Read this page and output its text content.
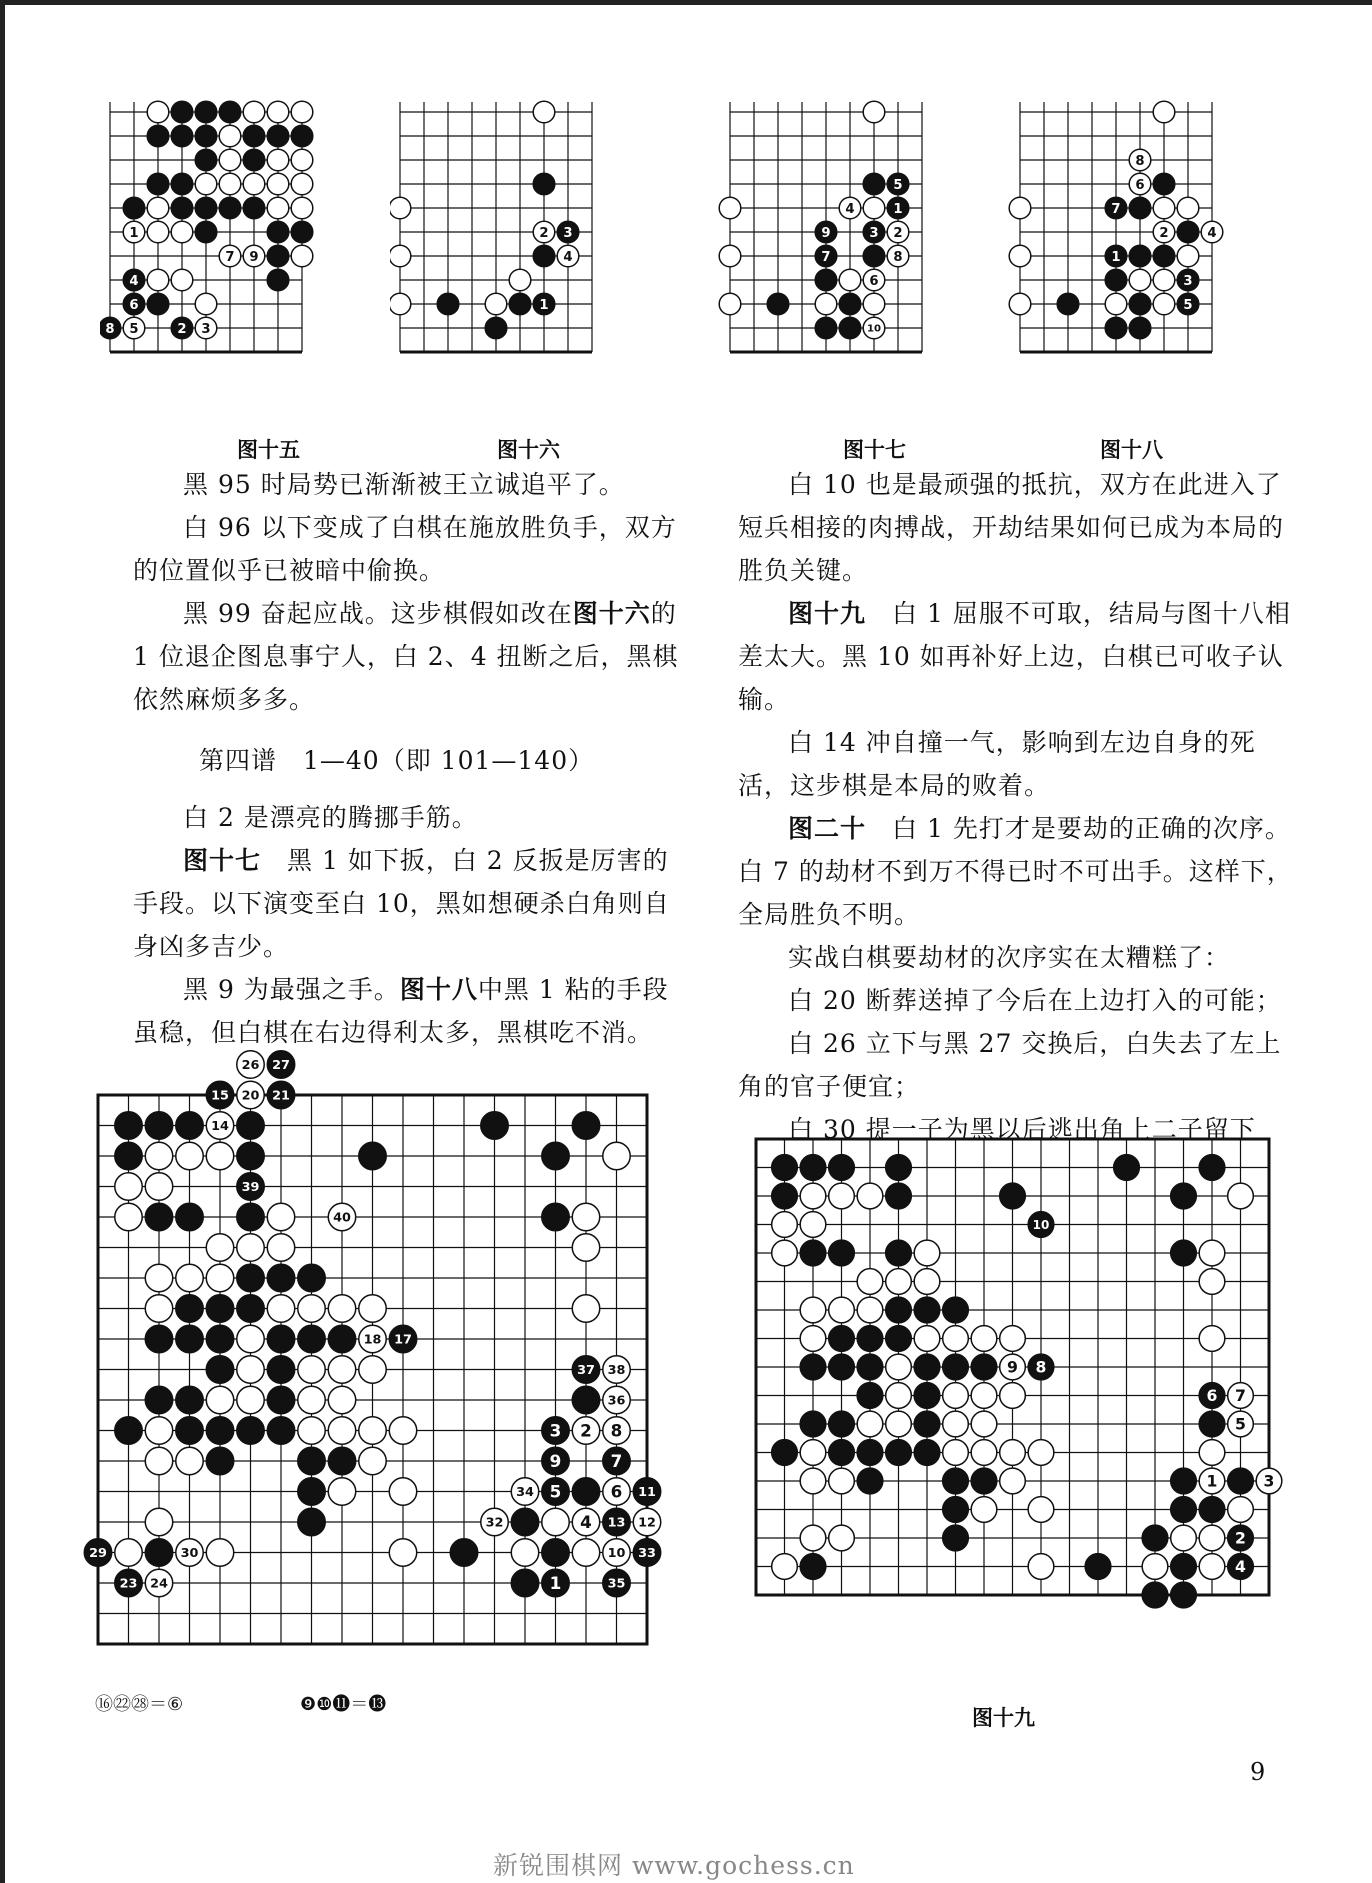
1
7 9
4
6
8 5	2 3
2 3
4
1
5
4	1
9	3 2
7	8
6
10
8
6
7
2	4
1
3
5
图十五	图十六	图十七	图十八

黑 95 时局势已渐渐被王立诚追平了。

白 96 以下变成了白棋在施放胜负手，双方的位置似乎已被暗中偷换。

黑 99 奋起应战。这步棋假如改在图十六的 1 位退企图息事宁人，白 2、4 扭断之后，黑棋依然麻烦多多。

第四谱　1—40（即 101—140）

白 2 是漂亮的腾挪手筋。

图十七　黑 1 如下扳，白 2 反扳是厉害的手段。以下演变至白 10，黑如想硬杀白角则自身凶多吉少。

黑 9 为最强之手。图十八中黑 1 粘的手段虽稳，但白棋在右边得利太多，黑棋吃不消。

白 10 也是最顽强的抵抗，双方在此进入了短兵相接的肉搏战，开劫结果如何已成为本局的胜负关键。

图十九　白 1 屈服不可取，结局与图十八相差太大。黑 10 如再补好上边，白棋已可收子认输。

白 14 冲自撞一气，影响到左边自身的死活，这步棋是本局的败着。

图二十　白 1 先打才是要劫的正确的次序。白 7 的劫材不到万不得已时不可出手。这样下，全局胜负不明。

实战白棋要劫材的次序实在太糟糕了：

白 20 断葬送掉了今后在上边打入的可能；

白 26 立下与黑 27 交换后，白失去了左上角的官子便宜；

白 30 提一子为黑以后逃出角上二子留下

26 27
15 20 21
14
39
40
18 17
37 38
36
3 2 8
9	7
34 5	6 11
32	4 13 12
29	30	10 33
23 24	1	35
10
9 8
6 7
5
1	3
2
4
⑯㉒㉘＝⑥	❾❿⓫＝⓭
图十九
9
新锐围棋网 www.gochess.cn
